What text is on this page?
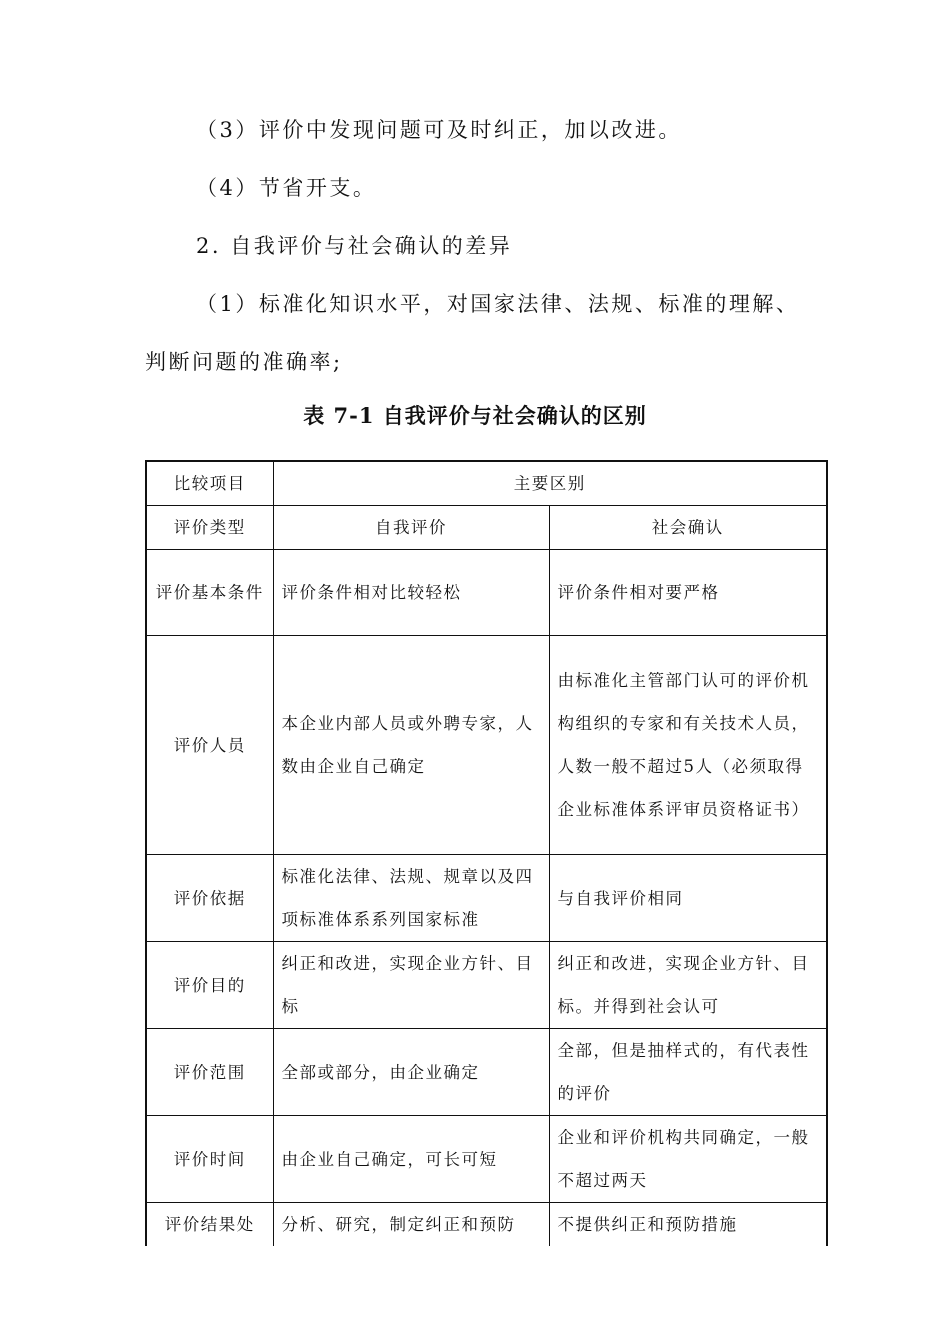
（3）评价中发现问题可及时纠正，加以改进。
（4）节省开支。
2. 自我评价与社会确认的差异
（1）标准化知识水平，对国家法律、法规、标准的理解、
判断问题的准确率;
表 7-1 自我评价与社会确认的区别
比较项目	主要区别	
评价类型	自我评价	社会确认
评价基本条件	评价条件相对比较轻松	评价条件相对要严格
评价人员	本企业内部人员或外聘专家，人数由企业自己确定	由标准化主管部门认可的评价机构组织的专家和有关技术人员，人数一般不超过5人（必须取得企业标准体系评审员资格证书）
评价依据	标准化法律、法规、规章以及四项标准体系系列国家标准	与自我评价相同
评价目的	纠正和改进，实现企业方针、目标	纠正和改进，实现企业方针、目标。并得到社会认可
评价范围	全部或部分，由企业确定	全部，但是抽样式的，有代表性的评价
评价时间	由企业自己确定，可长可短	企业和评价机构共同确定，一般不超过两天
评价结果处	分析、研究，制定纠正和预防	不提供纠正和预防措施
